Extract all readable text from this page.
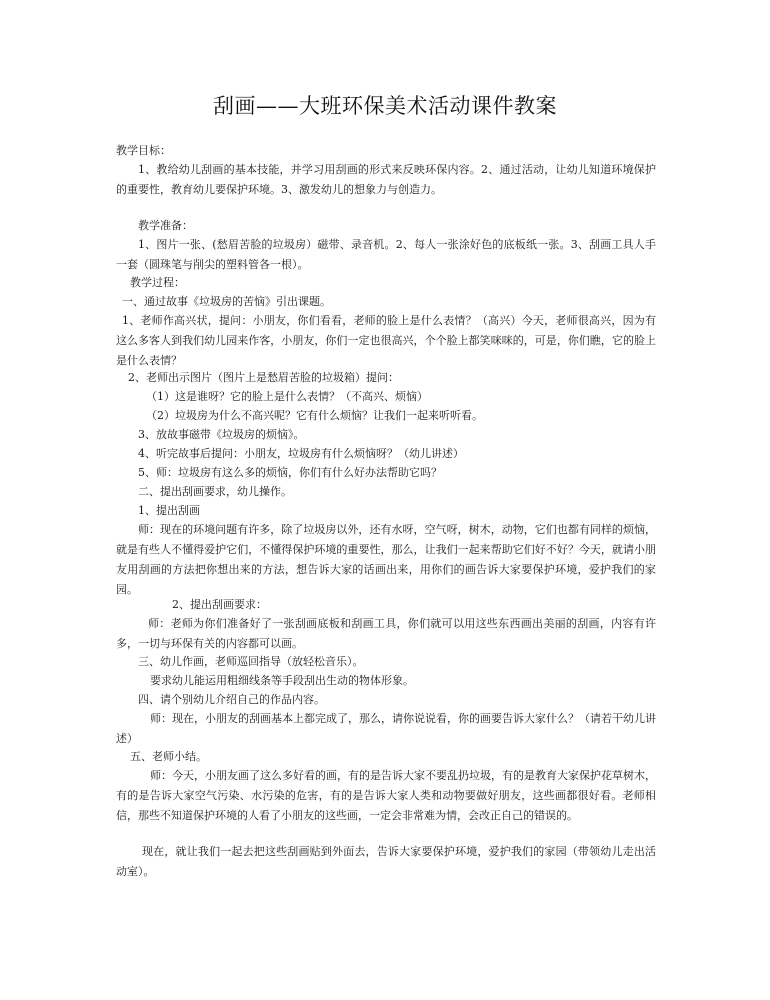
刮画——大班环保美术活动课件教案

教学目标：

1、教给幼儿刮画的基本技能，并学习用刮画的形式来反映环保内容。2、通过活动，让幼儿知道环境保护的重要性，教育幼儿要保护环境。3、激发幼儿的想象力与创造力。

教学准备：

1、图片一张、(愁眉苦脸的垃圾房）磁带、录音机。2、每人一张涂好色的底板纸一张。3、刮画工具人手一套（圆珠笔与削尖的塑料管各一根）。

教学过程：

一、通过故事《垃圾房的苦恼》引出课题。

1、老师作高兴状，提问：小朋友，你们看看，老师的脸上是什么表情？（高兴）今天，老师很高兴，因为有这么多客人到我们幼儿园来作客，小朋友，你们一定也很高兴，个个脸上都笑咪咪的，可是，你们瞧，它的脸上是什么表情？

2、老师出示图片（图片上是愁眉苦脸的垃圾箱）提问：

（1）这是谁呀？它的脸上是什么表情？（不高兴、烦恼）

（2）垃圾房为什么不高兴呢？它有什么烦恼？让我们一起来听听看。

3、放故事磁带《垃圾房的烦恼》。

4、听完故事后提问：小朋友，垃圾房有什么烦恼呀？（幼儿讲述）

5、师：垃圾房有这么多的烦恼，你们有什么好办法帮助它吗？

二、提出刮画要求，幼儿操作。

1、提出刮画

师：现在的环境问题有许多，除了垃圾房以外，还有水呀，空气呀，树木，动物，它们也都有同样的烦恼，就是有些人不懂得爱护它们，不懂得保护环境的重要性，那么，让我们一起来帮助它们好不好？今天，就请小朋友用刮画的方法把你想出来的方法，想告诉大家的话画出来，用你们的画告诉大家要保护环境，爱护我们的家园。

2、提出刮画要求：

师：老师为你们准备好了一张刮画底板和刮画工具，你们就可以用这些东西画出美丽的刮画，内容有许多，一切与环保有关的内容都可以画。

三、幼儿作画，老师巡回指导（放轻松音乐）。

要求幼儿能运用粗细线条等手段刮出生动的物体形象。

四、请个别幼儿介绍自己的作品内容。

师：现在，小朋友的刮画基本上都完成了，那么，请你说说看，你的画要告诉大家什么？（请若干幼儿讲述）

五、老师小结。

师：今天，小朋友画了这么多好看的画，有的是告诉大家不要乱扔垃圾，有的是教育大家保护花草树木，有的是告诉大家空气污染、水污染的危害，有的是告诉大家人类和动物要做好朋友，这些画都很好看。老师相信，那些不知道保护环境的人看了小朋友的这些画，一定会非常难为情，会改正自己的错误的。

现在，就让我们一起去把这些刮画贴到外面去，告诉大家要保护环境，爱护我们的家园（带领幼儿走出活动室）。
